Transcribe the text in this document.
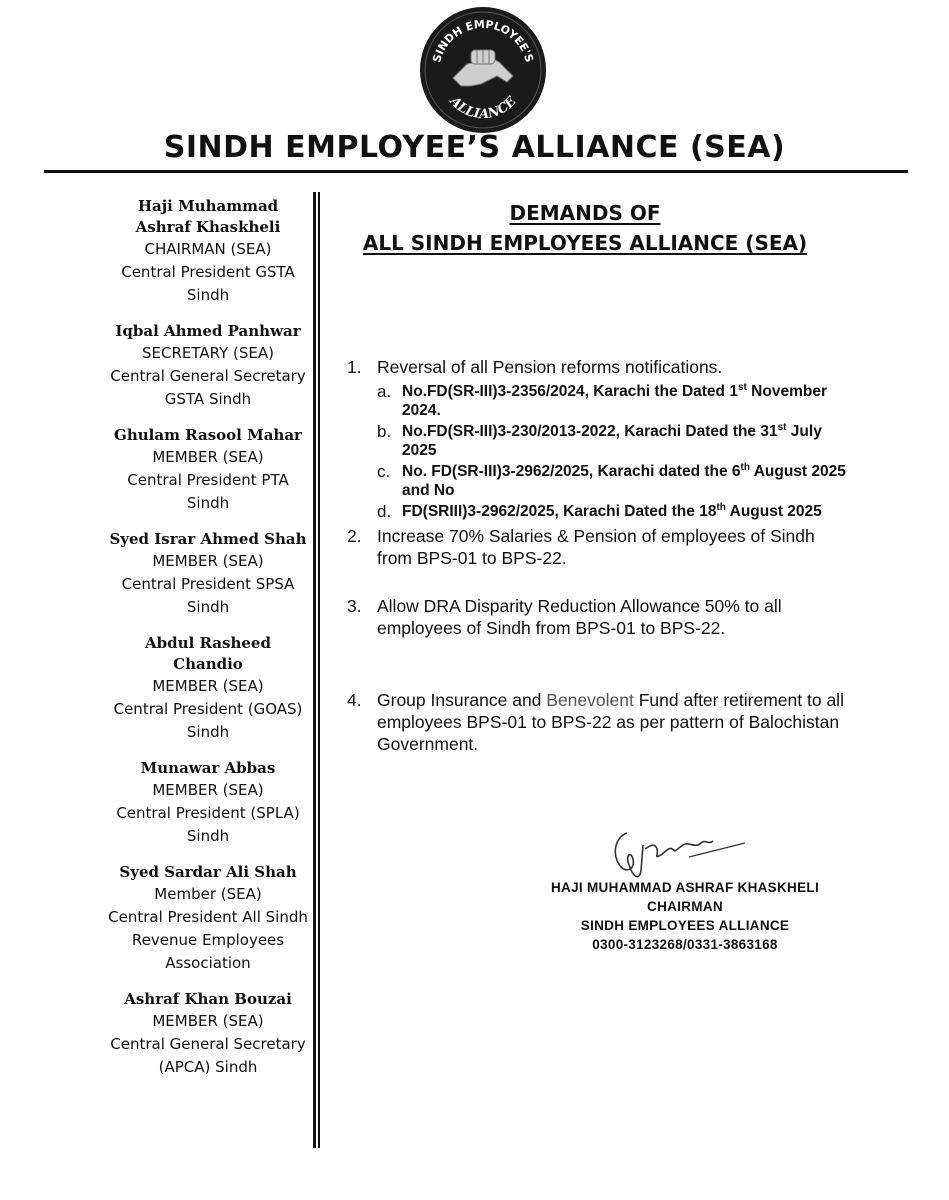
SINDH EMPLOYEE'S
ALLIANCE
SINDH EMPLOYEE’S ALLIANCE (SEA)
Haji Muhammad Ashraf Khaskheli
CHAIRMAN (SEA)
Central President GSTA Sindh
Iqbal Ahmed Panhwar
SECRETARY (SEA)
Central General Secretary GSTA Sindh
Ghulam Rasool Mahar
MEMBER (SEA)
Central President PTA Sindh
Syed Israr Ahmed Shah
MEMBER (SEA)
Central President SPSA Sindh
Abdul Rasheed Chandio
MEMBER (SEA)
Central President (GOAS) Sindh
Munawar Abbas
MEMBER (SEA)
Central President (SPLA) Sindh
Syed Sardar Ali Shah
Member (SEA)
Central President All Sindh Revenue Employees Association
Ashraf Khan Bouzai
MEMBER (SEA)
Central General Secretary (APCA) Sindh
DEMANDS OF
ALL SINDH EMPLOYEES ALLIANCE (SEA)
1. Reversal of all Pension reforms notifications.
a. No.FD(SR-III)3-2356/2024, Karachi the Dated 1st November 2024.
b. No.FD(SR-III)3-230/2013-2022, Karachi Dated the 31st July 2025
c. No. FD(SR-III)3-2962/2025, Karachi dated the 6th August 2025 and No
d. FD(SRIII)3-2962/2025, Karachi Dated the 18th August 2025
2. Increase 70% Salaries & Pension of employees of Sindh from BPS-01 to BPS-22.
3. Allow DRA Disparity Reduction Allowance 50% to all employees of Sindh from BPS-01 to BPS-22.
4. Group Insurance and Benevolent Fund after retirement to all employees BPS-01 to BPS-22 as per pattern of Balochistan Government.
HAJI MUHAMMAD ASHRAF KHASKHELI
CHAIRMAN
SINDH EMPLOYEES ALLIANCE
0300-3123268/0331-3863168
